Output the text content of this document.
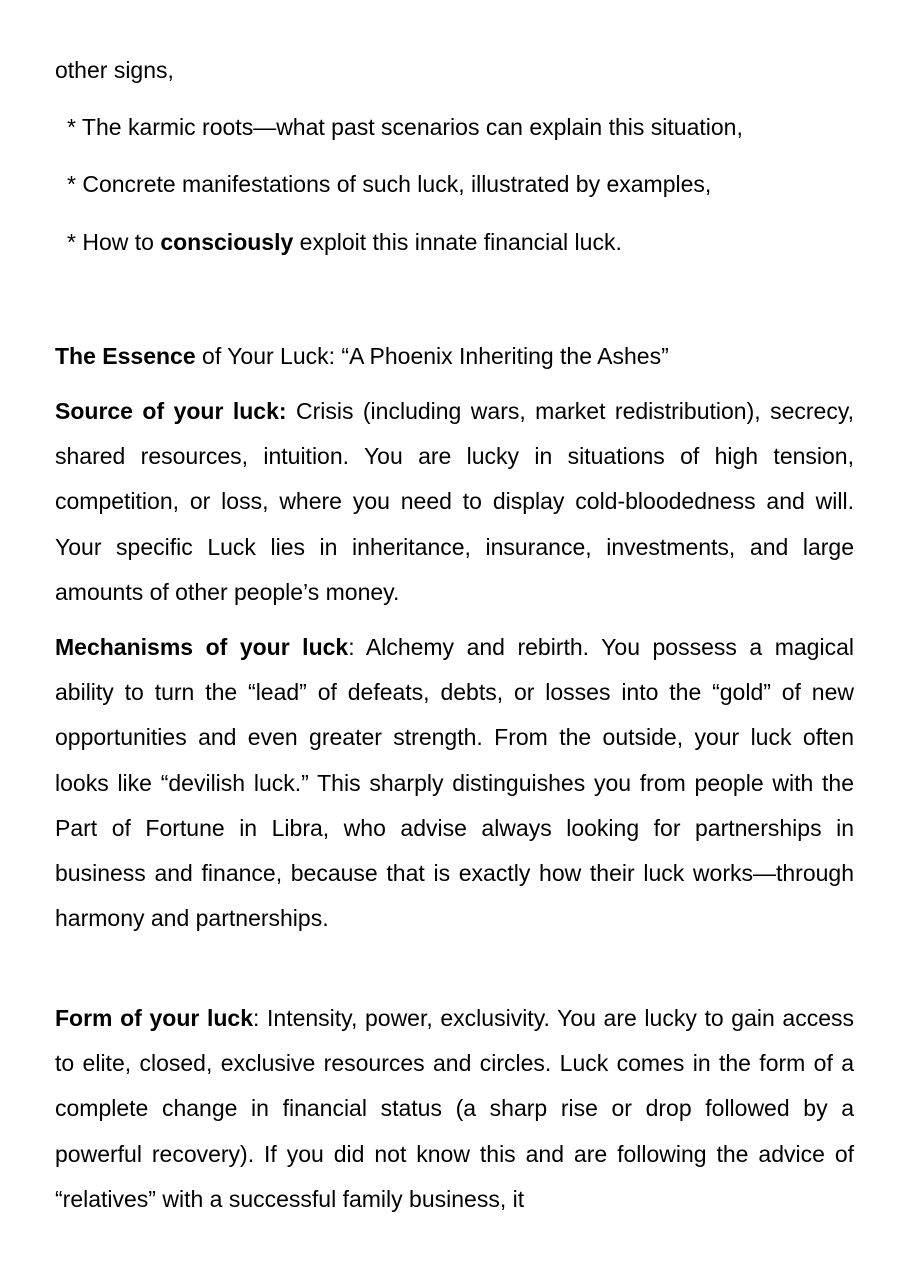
other signs,
* The karmic roots—what past scenarios can explain this situation,
* Concrete manifestations of such luck, illustrated by examples,
* How to consciously exploit this innate financial luck.
The Essence of Your Luck: “A Phoenix Inheriting the Ashes”
Source of your luck: Crisis (including wars, market redistribution), secrecy, shared resources, intuition. You are lucky in situations of high tension, competition, or loss, where you need to display cold-bloodedness and will. Your specific Luck lies in inheritance, insurance, investments, and large amounts of other people’s money.
Mechanisms of your luck: Alchemy and rebirth. You possess a magical ability to turn the “lead” of defeats, debts, or losses into the “gold” of new opportunities and even greater strength. From the outside, your luck often looks like “devilish luck.” This sharply distinguishes you from people with the Part of Fortune in Libra, who advise always looking for partnerships in business and finance, because that is exactly how their luck works—through harmony and partnerships.
Form of your luck: Intensity, power, exclusivity. You are lucky to gain access to elite, closed, exclusive resources and circles. Luck comes in the form of a complete change in financial status (a sharp rise or drop followed by a powerful recovery). If you did not know this and are following the advice of “relatives” with a successful family business, it
